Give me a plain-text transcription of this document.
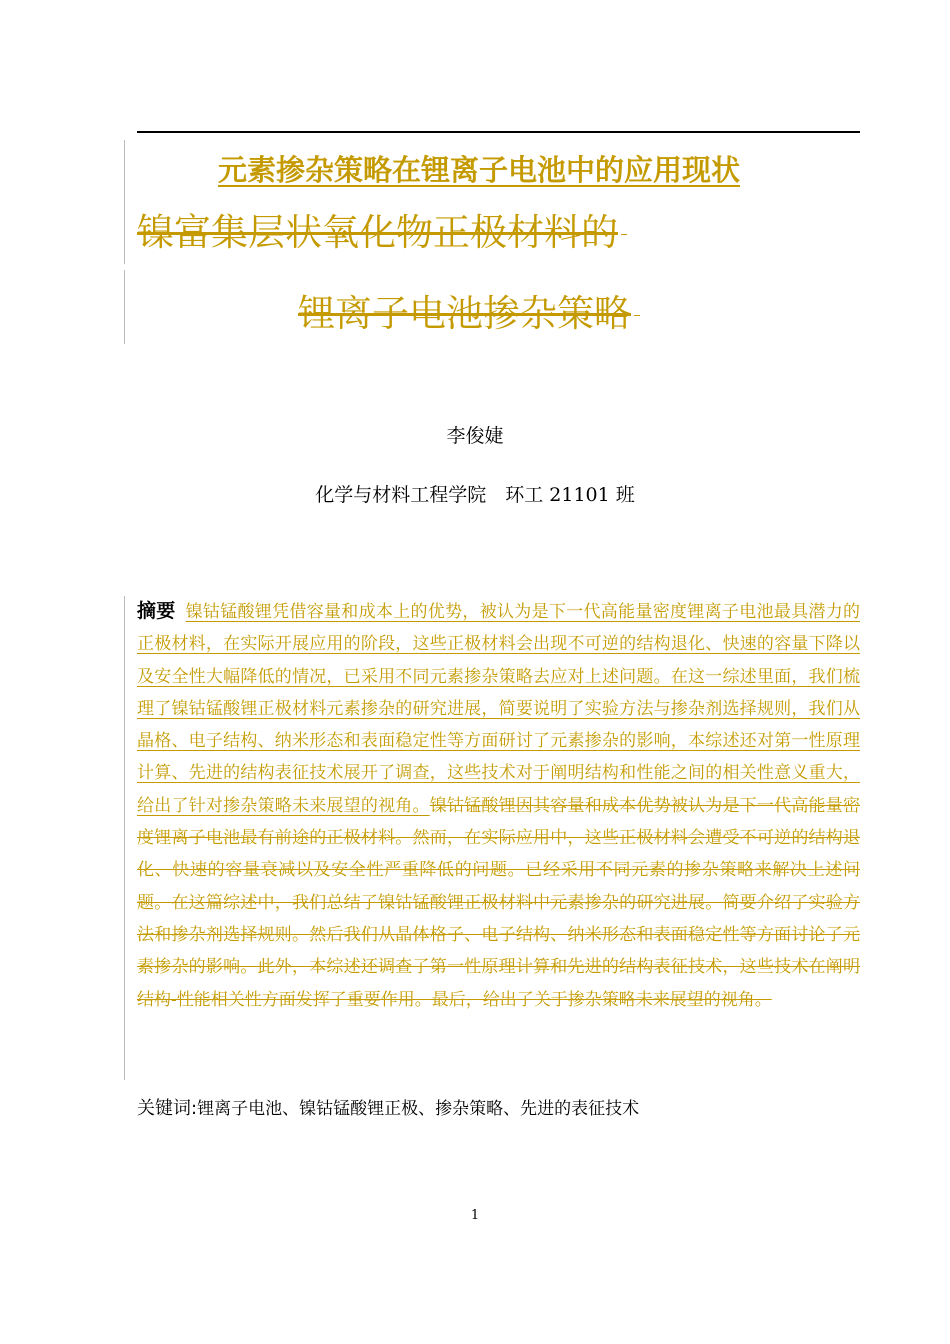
元素掺杂策略在锂离子电池中的应用现状
镍富集层状氧化物正极材料的
锂离子电池掺杂策略
李俊婕
化学与材料工程学院　环工 21101 班
摘要 镍钴锰酸锂凭借容量和成本上的优势，被认为是下一代高能量密度锂离子电池最具潜力的正极材料，在实际开展应用的阶段，这些正极材料会出现不可逆的结构退化、快速的容量下降以及安全性大幅降低的情况，已采用不同元素掺杂策略去应对上述问题。在这一综述里面，我们梳理了镍钴锰酸锂正极材料元素掺杂的研究进展，简要说明了实验方法与掺杂剂选择规则，我们从晶格、电子结构、纳米形态和表面稳定性等方面研讨了元素掺杂的影响，本综述还对第一性原理计算、先进的结构表征技术展开了调查，这些技术对于阐明结构和性能之间的相关性意义重大，给出了针对掺杂策略未来展望的视角。镍钴锰酸锂因其容量和成本优势被认为是下一代高能量密度锂离子电池最有前途的正极材料。然而，在实际应用中，这些正极材料会遭受不可逆的结构退化、快速的容量衰减以及安全性严重降低的问题。已经采用不同元素的掺杂策略来解决上述问题。在这篇综述中，我们总结了镍钴锰酸锂正极材料中元素掺杂的研究进展。简要介绍了实验方法和掺杂剂选择规则。然后我们从晶体格子、电子结构、纳米形态和表面稳定性等方面讨论了元素掺杂的影响。此外，本综述还调查了第一性原理计算和先进的结构表征技术，这些技术在阐明结构-性能相关性方面发挥了重要作用。最后，给出了关于掺杂策略未来展望的视角。
关键词:锂离子电池、镍钴锰酸锂正极、掺杂策略、先进的表征技术
1
